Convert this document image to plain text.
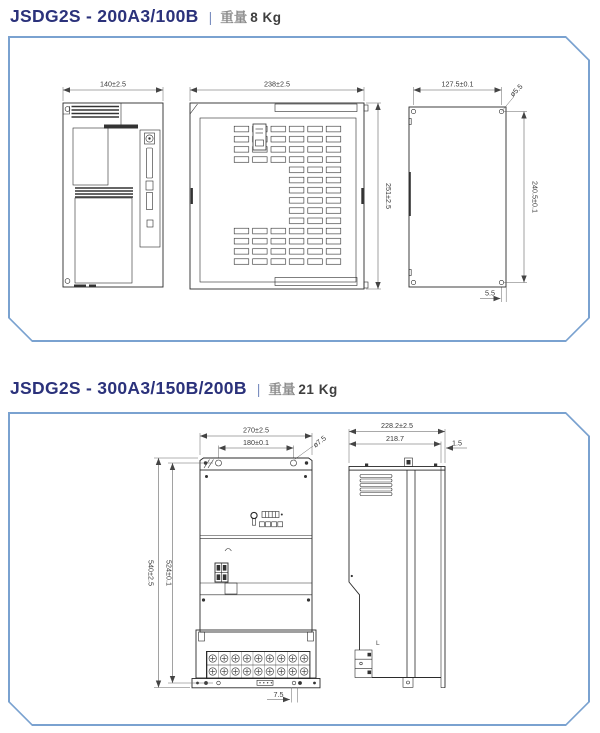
JSDG2S - 200A3/100B | 重量 8 Kg
140±2.5	238±2.5
251±2.5
127.5±0.1	ø5.5
240.5±0.1
5.5
JSDG2S - 300A3/150B/200B | 重量 21 Kg
270±2.5
180±0.1	ø7.5
540±2.5 524±0.1
7.5
228.2±2.5
218.7	1.5
L
